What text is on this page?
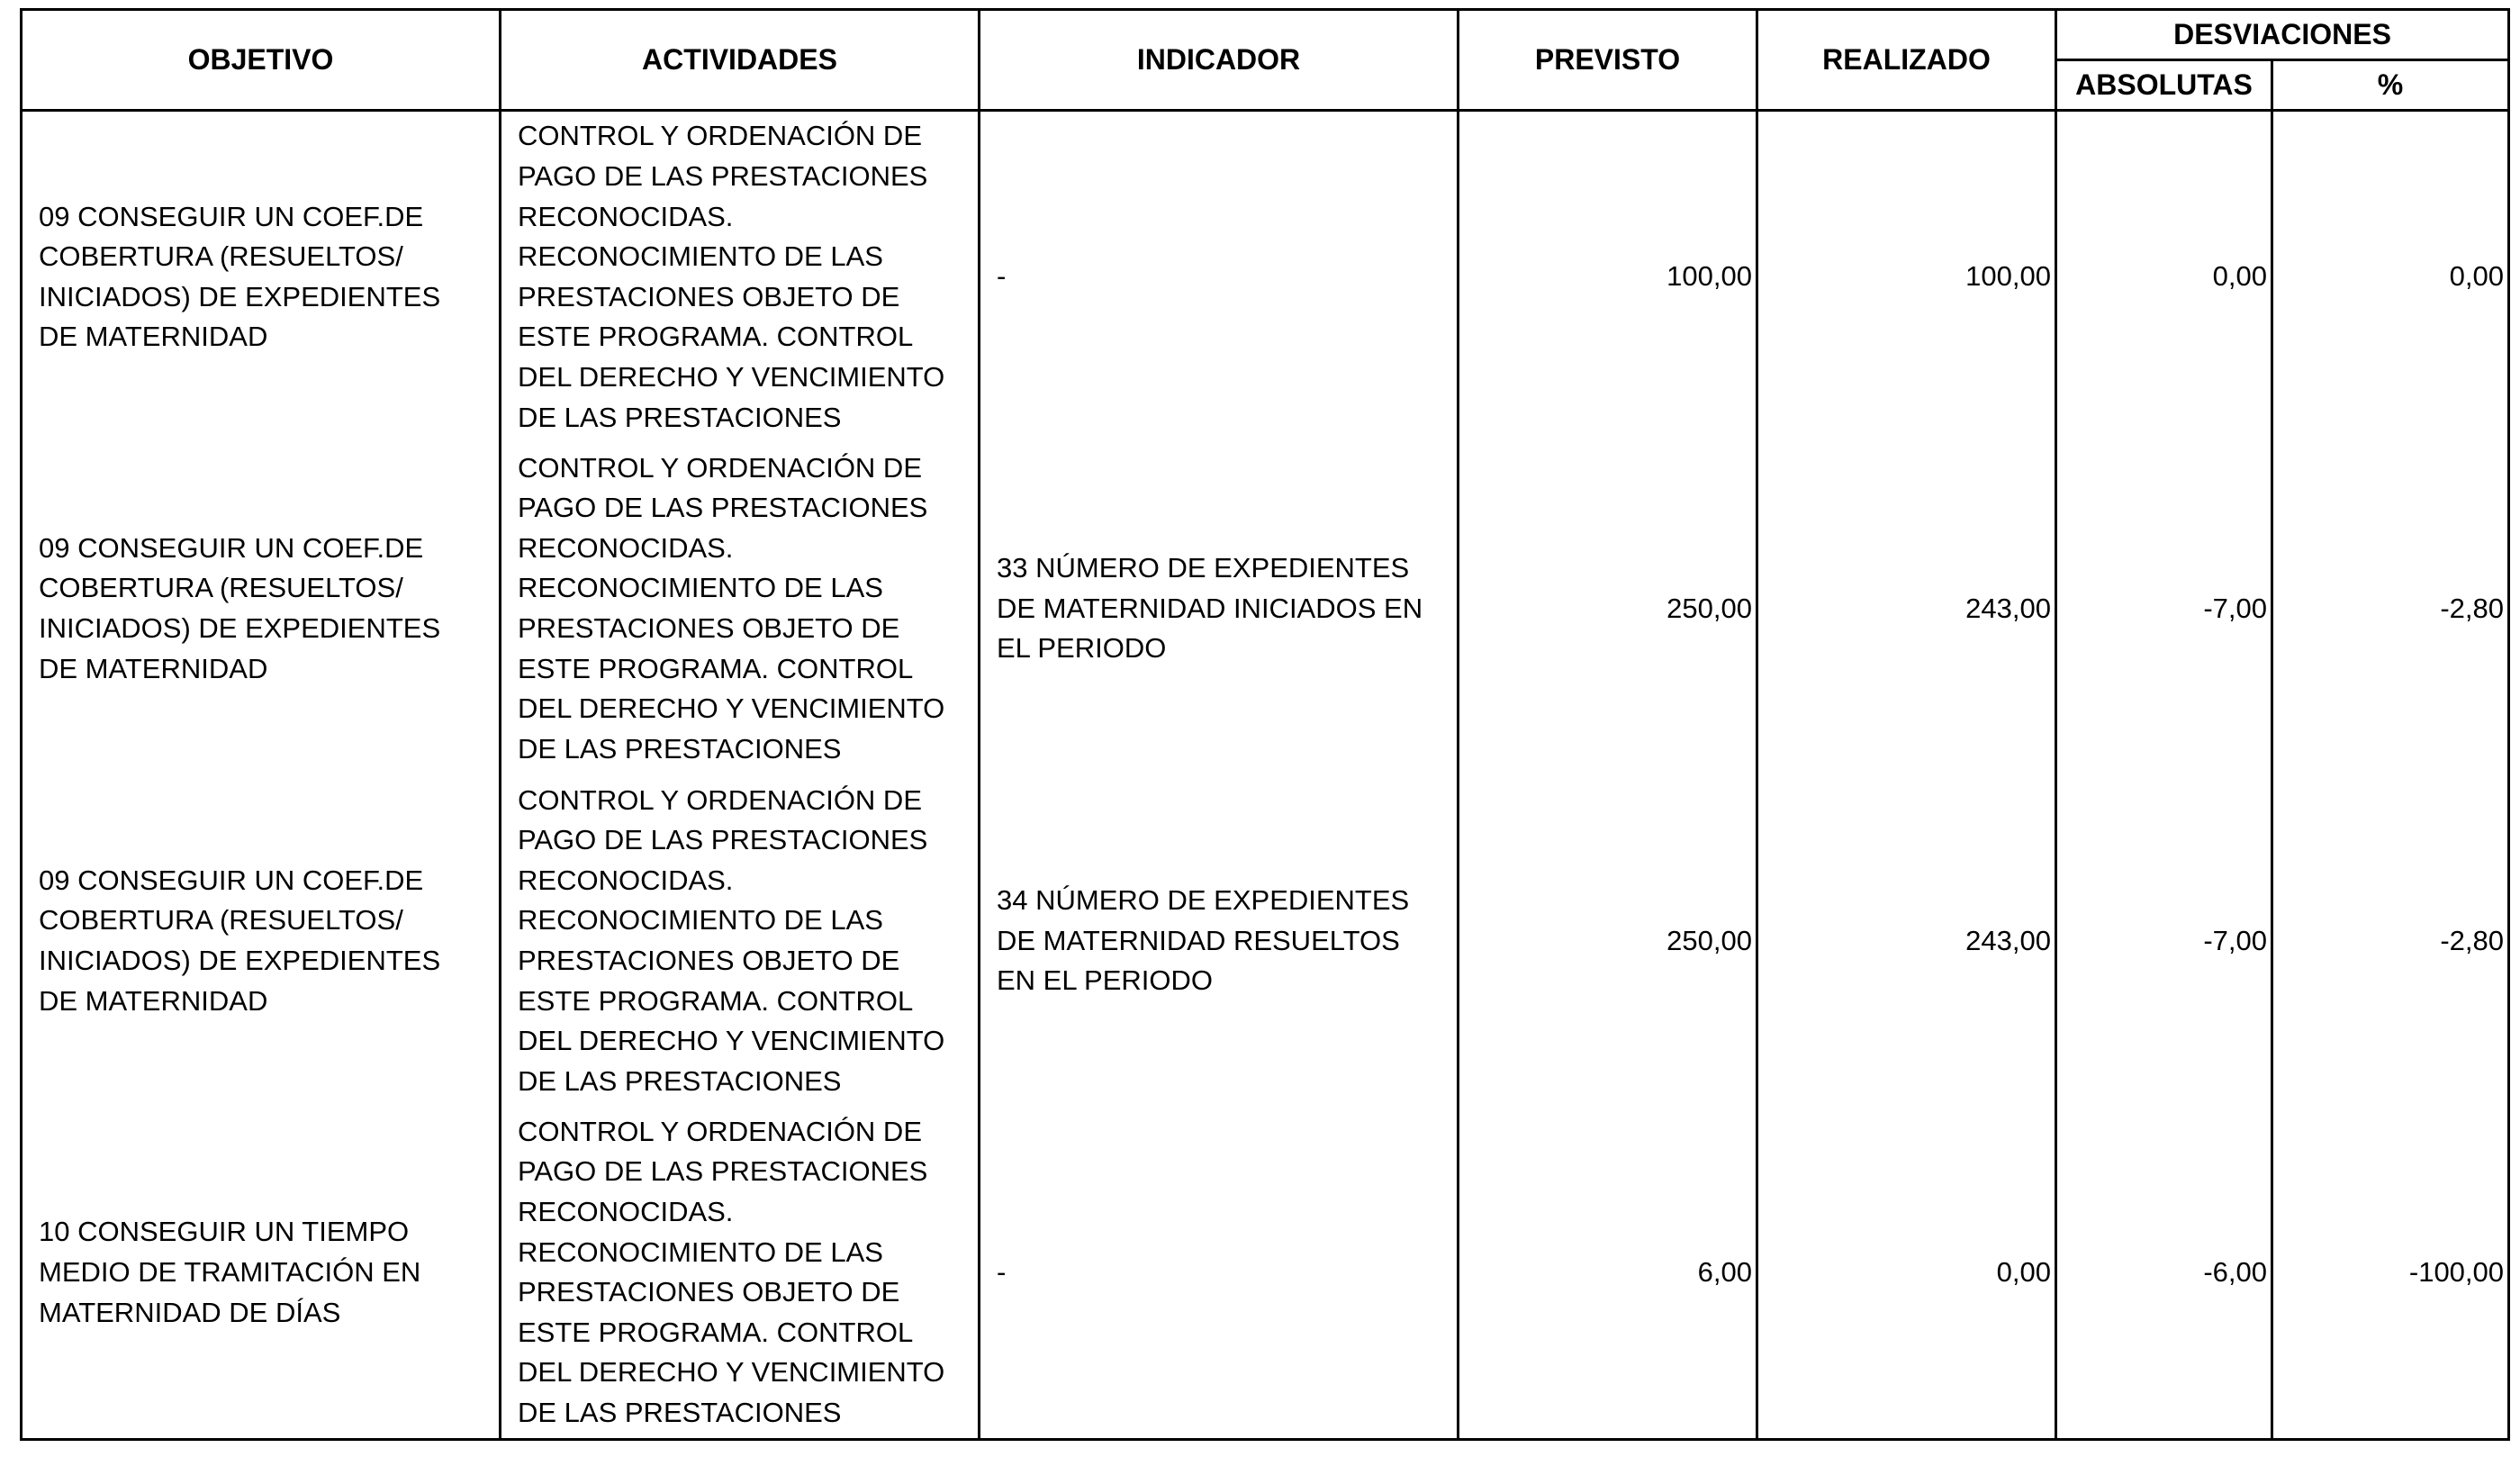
OBJETIVO	ACTIVIDADES	INDICADOR	PREVISTO	REALIZADO	DESVIACIONES	
					ABSOLUTAS	%
09 CONSEGUIR UN COEF.DE COBERTURA (RESUELTOS/ INICIADOS) DE EXPEDIENTES DE MATERNIDAD	CONTROL Y ORDENACIÓN DE PAGO DE LAS PRESTACIONES RECONOCIDAS. RECONOCIMIENTO DE LAS PRESTACIONES OBJETO DE ESTE PROGRAMA. CONTROL DEL DERECHO Y VENCIMIENTO DE LAS PRESTACIONES	-	100,00	100,00	0,00	0,00
09 CONSEGUIR UN COEF.DE COBERTURA (RESUELTOS/ INICIADOS) DE EXPEDIENTES DE MATERNIDAD	CONTROL Y ORDENACIÓN DE PAGO DE LAS PRESTACIONES RECONOCIDAS. RECONOCIMIENTO DE LAS PRESTACIONES OBJETO DE ESTE PROGRAMA. CONTROL DEL DERECHO Y VENCIMIENTO DE LAS PRESTACIONES	33 NÚMERO DE EXPEDIENTES DE MATERNIDAD INICIADOS EN EL PERIODO	250,00	243,00	-7,00	-2,80
09 CONSEGUIR UN COEF.DE COBERTURA (RESUELTOS/ INICIADOS) DE EXPEDIENTES DE MATERNIDAD	CONTROL Y ORDENACIÓN DE PAGO DE LAS PRESTACIONES RECONOCIDAS. RECONOCIMIENTO DE LAS PRESTACIONES OBJETO DE ESTE PROGRAMA. CONTROL DEL DERECHO Y VENCIMIENTO DE LAS PRESTACIONES	34 NÚMERO DE EXPEDIENTES DE MATERNIDAD RESUELTOS EN EL PERIODO	250,00	243,00	-7,00	-2,80
10 CONSEGUIR UN TIEMPO MEDIO DE TRAMITACIÓN EN MATERNIDAD DE DÍAS	CONTROL Y ORDENACIÓN DE PAGO DE LAS PRESTACIONES RECONOCIDAS. RECONOCIMIENTO DE LAS PRESTACIONES OBJETO DE ESTE PROGRAMA. CONTROL DEL DERECHO Y VENCIMIENTO DE LAS PRESTACIONES	-	6,00	0,00	-6,00	-100,00
